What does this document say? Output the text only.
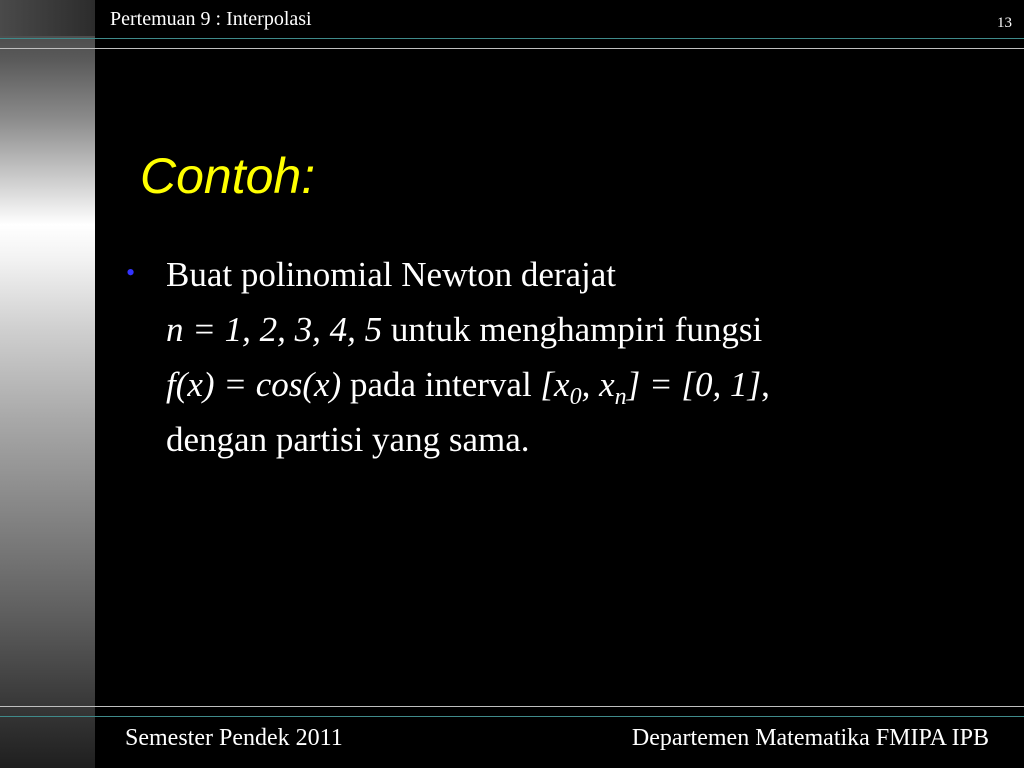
Pertemuan 9 : Interpolasi	13
Contoh:
• Buat polinomial Newton derajat
n = 1, 2, 3, 4, 5 untuk menghampiri fungsi
f(x) = cos(x) pada interval [$x_0$, $x_n] = [0$, 1],
dengan partisi yang sama.
Semester Pendek 2011	Departemen Matematika FMIPA IPB
